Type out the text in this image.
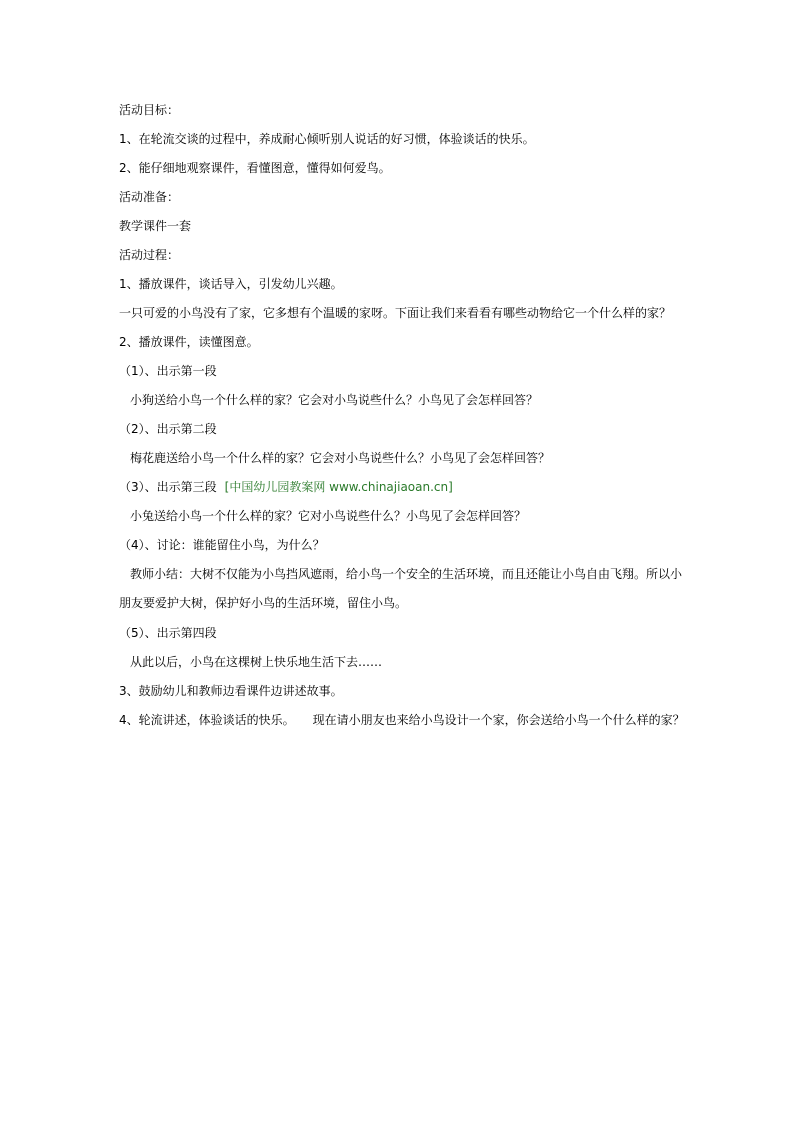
活动目标：
1、在轮流交谈的过程中，养成耐心倾听别人说话的好习惯，体验谈话的快乐。
2、能仔细地观察课件，看懂图意，懂得如何爱鸟。
活动准备：
教学课件一套
活动过程：
1、播放课件，谈话导入，引发幼儿兴趣。
一只可爱的小鸟没有了家，它多想有个温暖的家呀。下面让我们来看看有哪些动物给它一个什么样的家？
2、播放课件，读懂图意。
（1）、出示第一段
小狗送给小鸟一个什么样的家？它会对小鸟说些什么？小鸟见了会怎样回答？
（2）、出示第二段
梅花鹿送给小鸟一个什么样的家？它会对小鸟说些什么？小鸟见了会怎样回答？
（3）、出示第三段 [中国幼儿园教案网 www.chinajiaoan.cn]
小兔送给小鸟一个什么样的家？它对小鸟说些什么？小鸟见了会怎样回答？
（4）、讨论：谁能留住小鸟，为什么？
教师小结：大树不仅能为小鸟挡风遮雨，给小鸟一个安全的生活环境，而且还能让小鸟自由飞翔。所以小朋友要爱护大树，保护好小鸟的生活环境，留住小鸟。
（5）、出示第四段
从此以后，小鸟在这棵树上快乐地生活下去……
3、鼓励幼儿和教师边看课件边讲述故事。
4、轮流讲述，体验谈话的快乐。 现在请小朋友也来给小鸟设计一个家，你会送给小鸟一个什么样的家？
